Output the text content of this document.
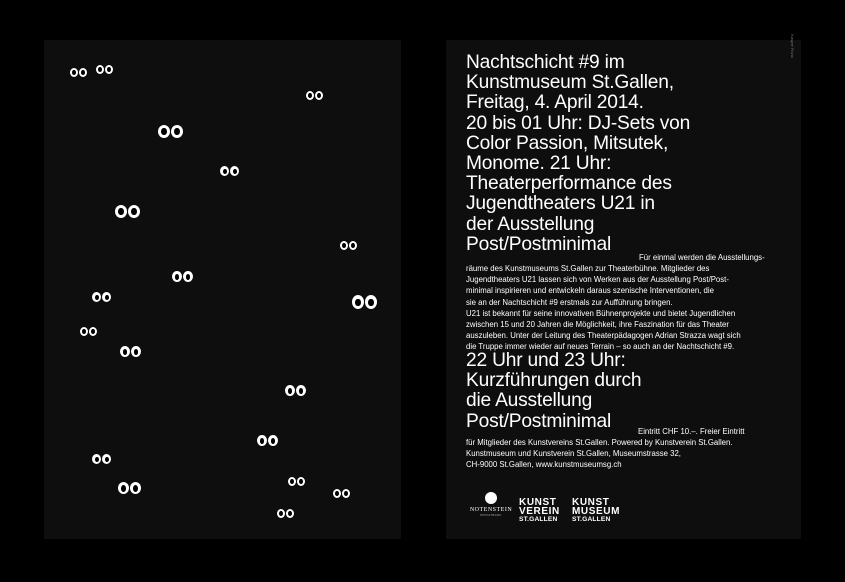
Kasper Florio
Nachtschicht #9 im
Kunstmuseum St.Gallen,
Freitag, 4. April 2014.
20 bis 01 Uhr: DJ-Sets von
Color Passion, Mitsutek,
Monome. 21 Uhr:
Theaterperformance des
Jugendtheaters U21 in
der Ausstellung
Post/Postminimal
Für einmal werden die Ausstellungs-
räume des Kunstmuseums St.Gallen zur Theaterbühne. Mitglieder des
Jugendtheaters U21 lassen sich von Werken aus der Ausstellung Post/Post-
minimal inspirieren und entwickeln daraus szenische Interventionen, die
sie an der Nachtschicht #9 erstmals zur Aufführung bringen.
U21 ist bekannt für seine innovativen Bühnenprojekte und bietet Jugendlichen
zwischen 15 und 20 Jahren die Möglichkeit, ihre Faszination für das Theater
auszuleben. Unter der Leitung des Theaterpädagogen Adrian Strazza wagt sich
die Truppe immer wieder auf neues Terrain – so auch an der Nachtschicht #9.
22 Uhr und 23 Uhr:
Kurzführungen durch
die Ausstellung
Post/Postminimal	Eintritt CHF 10.–. Freier Eintritt
für Mitglieder des Kunstvereins St.Gallen. Powered by Kunstverein St.Gallen.
Kunstmuseum und Kunstverein St.Gallen, Museumstrasse 32,
CH-9000 St.Gallen, www.kunstmuseumsg.ch
NOTENSTEIN
PRIVATBANK
KUNST
VEREIN
ST.GALLEN
KUNST
MUSEUM
ST.GALLEN
